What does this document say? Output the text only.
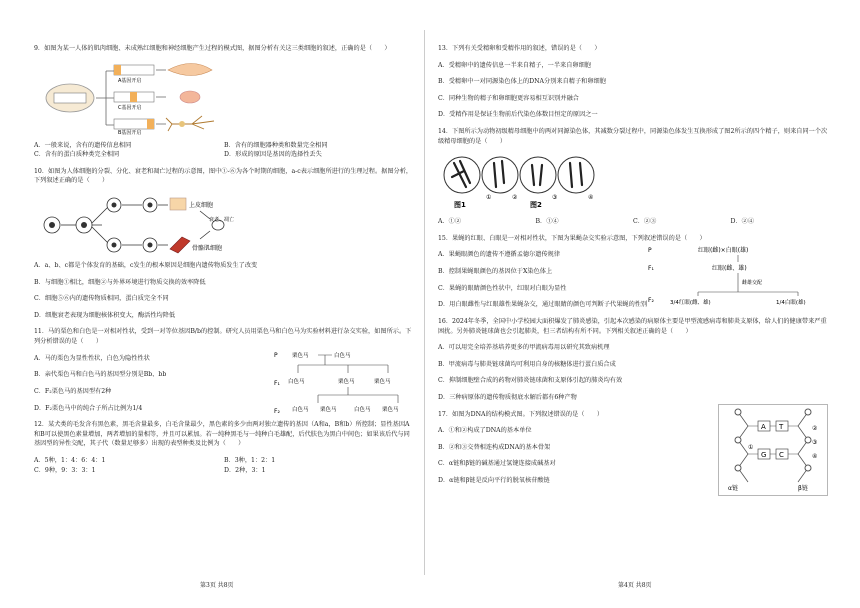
9．如图为某一人体的肌肉细胞、未成熟红细胞和神经细胞产生过程的模式图，据图分析有关这三类细胞的叙述，正确的是（　　）

A基因开启
C基因开启
B基因开启
A．一般来说，含有的遗传信息相同	B．含有的细胞器种类和数量完全相同
C．含有的蛋白质种类完全相同	D．形成的原因是基因的选择性丢失

10．如图为人体细胞的分裂、分化、衰老和凋亡过程的示意图，图中①-⑥为各个时期的细胞，a-c表示细胞所进行的生理过程。据图分析，下列叙述正确的是（　　）

上皮细胞
骨骼肌细胞
衰老、凋亡

A．a、b、c都是个体发育的基础，c发生的根本原因是细胞内遗传物质发生了改变

B．与细胞①相比，细胞②与外界环境进行物质交换的效率降低

C．细胞⑤⑥内的遗传物质相同，蛋白质完全不同

D．细胞衰老表现为细胞核体积变大，酶活性均降低

11．马的栗色和白色是一对相对性状，受到一对等位基因B/b的控制。研究人员用栗色马和白色马为实验材料进行杂交实验，如图所示。下列分析错误的是（　　）

P
F₁
F₂
栗色马	白色马
白色马	栗色马	栗色马
白色马 栗色马	白色马 栗色马

A．马的栗色为显性性状，白色为隐性性状

B．亲代栗色马和白色马的基因型分别是Bb、bb

C．F₂栗色马的基因型有2种

D．F₂栗色马中的纯合子所占比例为1/4

12．某犬类的毛发含有黑色素，黑毛含量最多，白毛含量最少，黑色素的多少由两对独立遗传的基因（A和a，B和b）所控制；显性基因A和B可以使黑色素量增加，两者增加的量相等，并且可以累加。若一纯种黑毛与一纯种白毛雄配，后代肤色为黑白中间色；如果该后代与同基因型的异性交配，其子代（数量足够多）出现的表型种类及比例为（　　）

A．5种，1：4：6：4：1	B．3种，1：2：1
C．9种，9：3：3：1	D．2种，3：1

13．下列有关受精卵和受精作用的叙述，错误的是（　　）

A．受精卵中的遗传信息一半来自精子，一半来自卵细胞

B．受精卵中一对同源染色体上的DNA分别来自精子和卵细胞

C．同种生物的精子和卵细胞更容易相互识别并融合

D．受精作用是保证生物前后代染色体数目恒定的原因之一

14．下图所示为动物初级精母细胞中的两对同源染色体，其减数分裂过程中，同源染色体发生互换形成了图2所示的四个精子，则来自同一个次级精母细胞的是（　　）

图1	图2
①	②	③	④
A．①②	B．①④	C．②③	D．②④

15．果蝇的红眼、白眼是一对相对性状，下图为果蝇杂交实验示意图，下列叙述错误的是（　　）

P
F₁
F₂
红眼(雌)×白眼(雄)
红眼(雌、雄)
雌雄交配
3/4红眼(雌、雄)	1/4白眼(雄)

A．果蝇眼颜色的遗传不遵循孟德尔遗传规律

B．控制果蝇眼颜色的基因位于X染色体上

C．果蝇的眼睛颜色性状中，红眼对白眼为显性

D．用白眼雌性与红眼雄性果蝇杂交，通过眼睛的颜色可判断子代果蝇的性别

16．2024年冬季，全国中小学校园大面积爆发了肺炎感染，引起本次感染的病原体主要是甲型流感病毒和肺炎支原体，给人们的健康带来严重困扰。另外肺炎链球菌也会引起肺炎，但三者结构有所不同。下列相关叙述正确的是（　　）

A．可以用完全培养基培养更多的甲流病毒用以研究其致病机理

B．甲流病毒与肺炎链球菌均可利用自身的核糖体进行蛋白质合成

C．抑制细胞壁合成的药物对肺炎链球菌和支原体引起的肺炎均有效

D．三种病原体的遗传物质彻底水解后都有6种产物

17．如图为DNA的结构模式图。下列叙述错误的是（　　）

A T
G C
①
②
③
④
α链	β链

A．①和②构成了DNA的基本单位

B．②和③交替相连构成DNA的基本骨架

C．α链和β链的碱基通过氢键连接成碱基对

D．α链和β链是反向平行的脱氧核苷酸链

第3页 共8页	第4页 共8页
